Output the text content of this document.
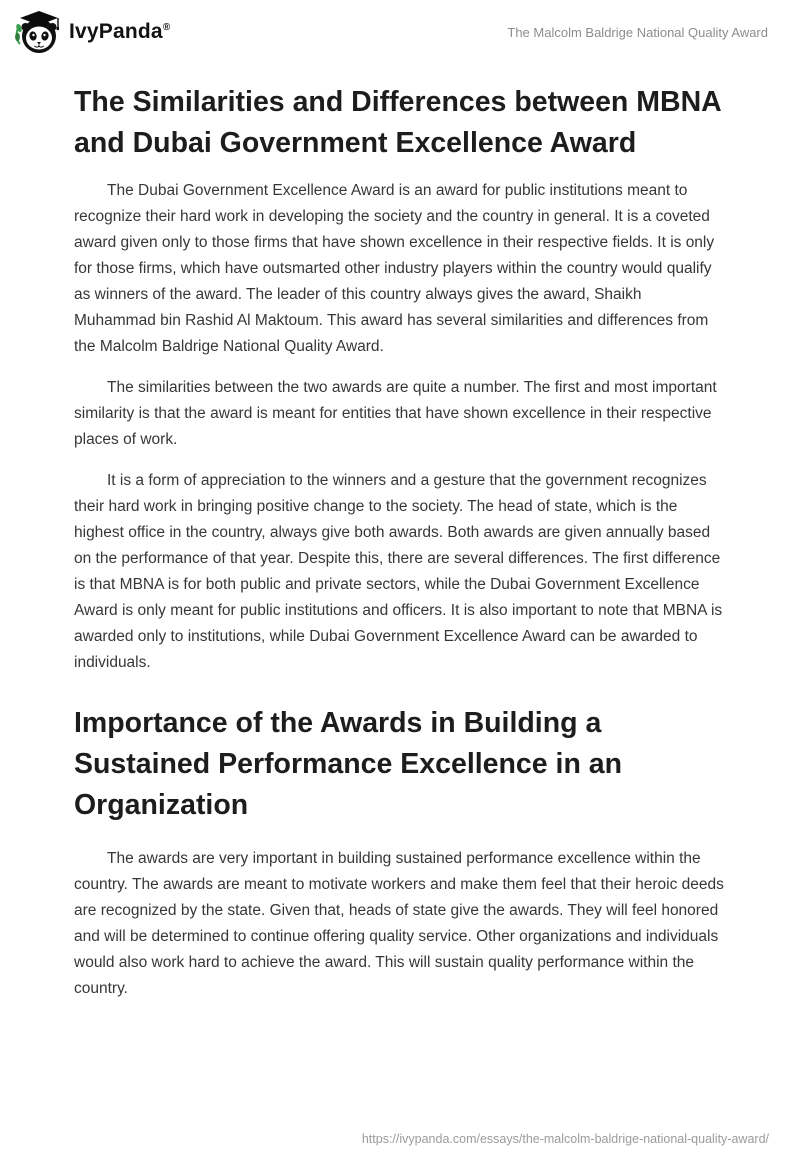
IvyPanda®	The Malcolm Baldrige National Quality Award
The Similarities and Differences between MBNA and Dubai Government Excellence Award

The Dubai Government Excellence Award is an award for public institutions meant to recognize their hard work in developing the society and the country in general. It is a coveted award given only to those firms that have shown excellence in their respective fields. It is only for those firms, which have outsmarted other industry players within the country would qualify as winners of the award. The leader of this country always gives the award, Shaikh Muhammad bin Rashid Al Maktoum. This award has several similarities and differences from the Malcolm Baldrige National Quality Award.

The similarities between the two awards are quite a number. The first and most important similarity is that the award is meant for entities that have shown excellence in their respective places of work.

It is a form of appreciation to the winners and a gesture that the government recognizes their hard work in bringing positive change to the society. The head of state, which is the highest office in the country, always give both awards. Both awards are given annually based on the performance of that year. Despite this, there are several differences. The first difference is that MBNA is for both public and private sectors, while the Dubai Government Excellence Award is only meant for public institutions and officers. It is also important to note that MBNA is awarded only to institutions, while Dubai Government Excellence Award can be awarded to individuals.

Importance of the Awards in Building a Sustained Performance Excellence in an Organization

The awards are very important in building sustained performance excellence within the country. The awards are meant to motivate workers and make them feel that their heroic deeds are recognized by the state. Given that, heads of state give the awards. They will feel honored and will be determined to continue offering quality service. Other organizations and individuals would also work hard to achieve the award. This will sustain quality performance within the country.

https://ivypanda.com/essays/the-malcolm-baldrige-national-quality-award/
